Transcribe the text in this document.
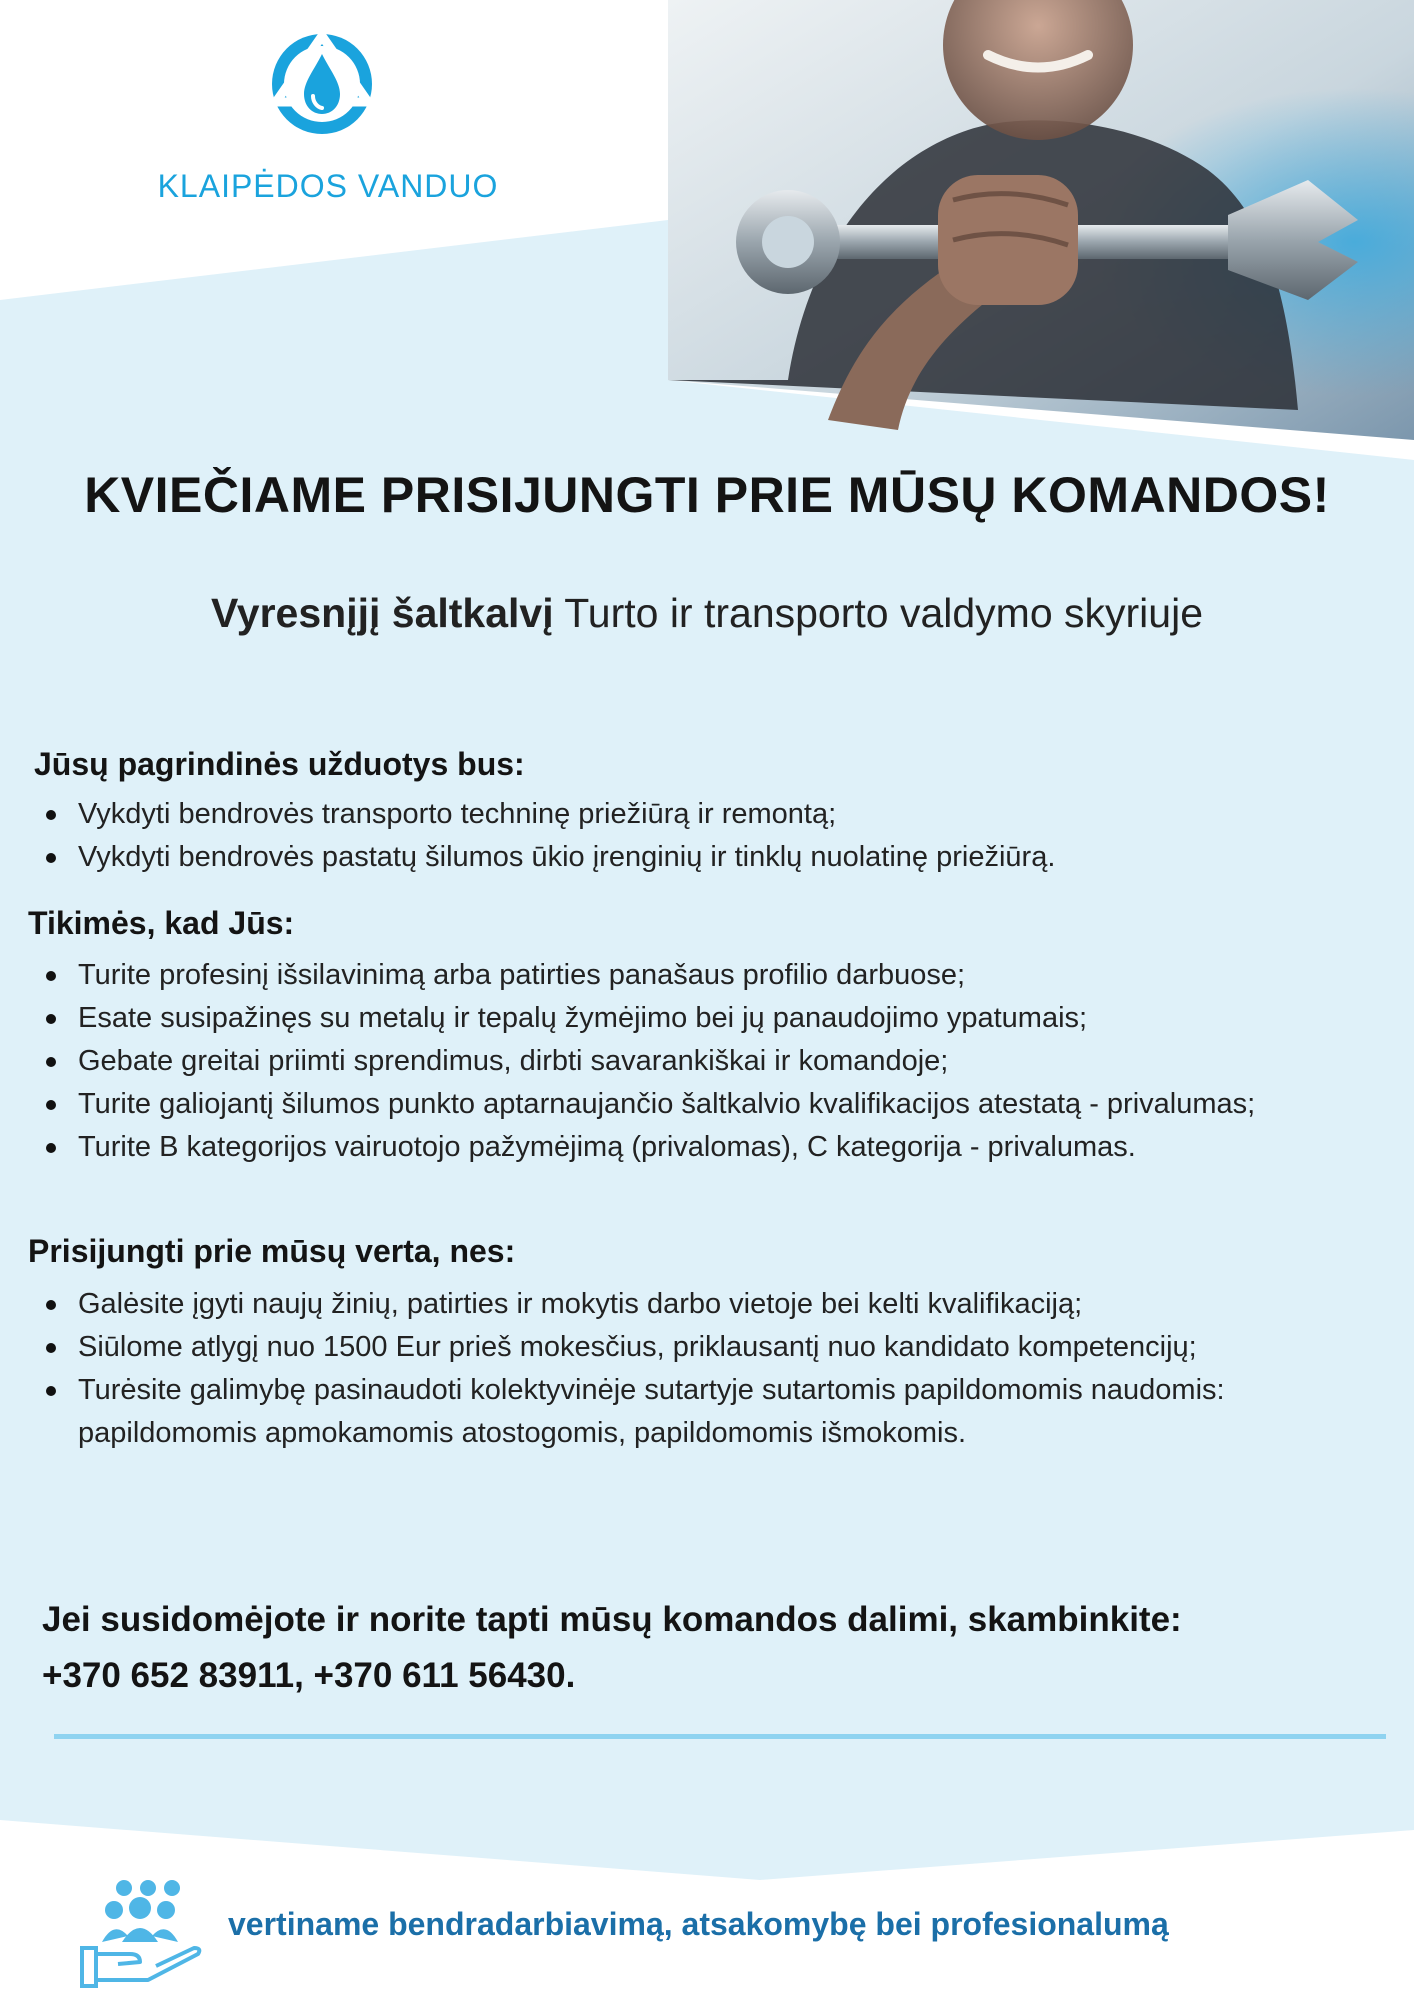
KLAIPĖDOS VANDUO
KVIEČIAME PRISIJUNGTI PRIE MŪSŲ KOMANDOS!
Vyresnįjį šaltkalvį Turto ir transporto valdymo skyriuje
Jūsų pagrindinės užduotys bus:
Vykdyti bendrovės transporto techninę priežiūrą ir remontą;
Vykdyti bendrovės pastatų šilumos ūkio įrenginių ir tinklų nuolatinę priežiūrą.
Tikimės, kad Jūs:
Turite profesinį išsilavinimą arba patirties panašaus profilio darbuose;
Esate susipažinęs su metalų ir tepalų žymėjimo bei jų panaudojimo ypatumais;
Gebate greitai priimti sprendimus, dirbti savarankiškai ir komandoje;
Turite galiojantį šilumos punkto aptarnaujančio šaltkalvio kvalifikacijos atestatą - privalumas;
Turite B kategorijos vairuotojo pažymėjimą (privalomas), C kategorija - privalumas.
Prisijungti prie mūsų verta, nes:
Galėsite įgyti naujų žinių, patirties ir mokytis darbo vietoje bei kelti kvalifikaciją;
Siūlome atlygį nuo 1500 Eur prieš mokesčius, priklausantį nuo kandidato kompetencijų;
Turėsite galimybę pasinaudoti kolektyvinėje sutartyje sutartomis papildomomis naudomis: papildomomis apmokamomis atostogomis, papildomomis išmokomis.
Jei susidomėjote ir norite tapti mūsų komandos dalimi, skambinkite:
+370 652 83911, +370 611 56430.
vertiname bendradarbiavimą, atsakomybę bei profesionalumą
